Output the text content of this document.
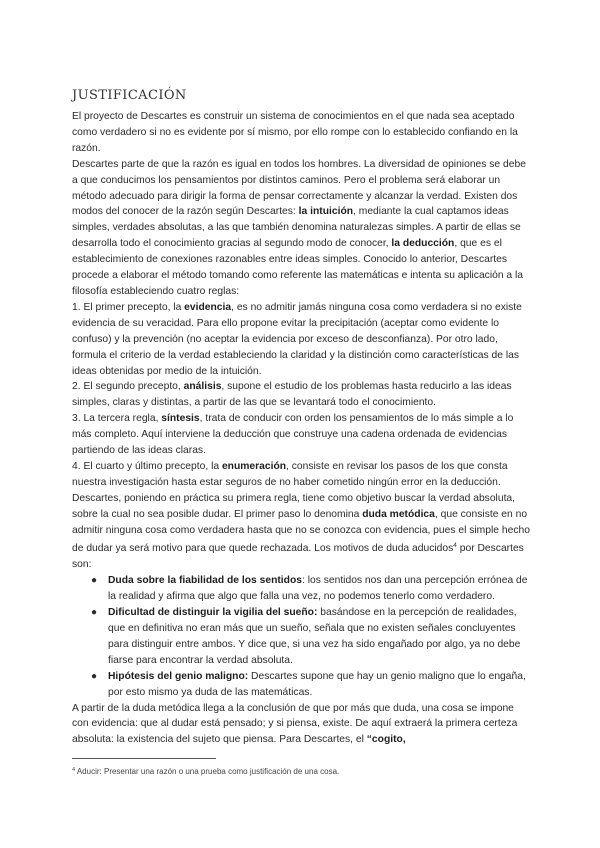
JUSTIFICACIÓN

El proyecto de Descartes es construir un sistema de conocimientos en el que nada sea aceptado como verdadero si no es evidente por sí mismo, por ello rompe con lo establecido confiando en la razón.

Descartes parte de que la razón es igual en todos los hombres. La diversidad de opiniones se debe a que conducimos los pensamientos por distintos caminos. Pero el problema será elaborar un método adecuado para dirigir la forma de pensar correctamente y alcanzar la verdad. Existen dos modos del conocer de la razón según Descartes: la intuición, mediante la cual captamos ideas simples, verdades absolutas, a las que también denomina naturalezas simples. A partir de ellas se desarrolla todo el conocimiento gracias al segundo modo de conocer, la deducción, que es el establecimiento de conexiones razonables entre ideas simples. Conocido lo anterior, Descartes procede a elaborar el método tomando como referente las matemáticas e intenta su aplicación a la filosofía estableciendo cuatro reglas:

1. El primer precepto, la evidencia, es no admitir jamás ninguna cosa como verdadera si no existe evidencia de su veracidad. Para ello propone evitar la precipitación (aceptar como evidente lo confuso) y la prevención (no aceptar la evidencia por exceso de desconfianza). Por otro lado, formula el criterio de la verdad estableciendo la claridad y la distinción como características de las ideas obtenidas por medio de la intuición.

2. El segundo precepto, análisis, supone el estudio de los problemas hasta reducirlo a las ideas simples, claras y distintas, a partir de las que se levantará todo el conocimiento.

3. La tercera regla, síntesis, trata de conducir con orden los pensamientos de lo más simple a lo más completo. Aquí interviene la deducción que construye una cadena ordenada de evidencias partiendo de las ideas claras.

4. El cuarto y último precepto, la enumeración, consiste en revisar los pasos de los que consta nuestra investigación hasta estar seguros de no haber cometido ningún error en la deducción.

Descartes, poniendo en práctica su primera regla, tiene como objetivo buscar la verdad absoluta, sobre la cual no sea posible dudar. El primer paso lo denomina duda metódica, que consiste en no admitir ninguna cosa como verdadera hasta que no se conozca con evidencia, pues el simple hecho de dudar ya será motivo para que quede rechazada. Los motivos de duda aducidos$^4$ por Descartes son:

● Duda sobre la fiabilidad de los sentidos: los sentidos nos dan una percepción errónea de la realidad y afirma que algo que falla una vez, no podemos tenerlo como verdadero.
● Dificultad de distinguir la vigilia del sueño: basándose en la percepción de realidades, que en definitiva no eran más que un sueño, señala que no existen señales concluyentes para distinguir entre ambos. Y dice que, si una vez ha sido engañado por algo, ya no debe fiarse para encontrar la verdad absoluta.
● Hipótesis del genio maligno: Descartes supone que hay un genio maligno que lo engaña, por esto mismo ya duda de las matemáticas.

A partir de la duda metódica llega a la conclusión de que por más que duda, una cosa se impone con evidencia: que al dudar está pensado; y si piensa, existe. De aquí extraerá la primera certeza absoluta: la existencia del sujeto que piensa. Para Descartes, el “cogito,

$^4$ Aducir: Presentar una razón o una prueba como justificación de una cosa.
